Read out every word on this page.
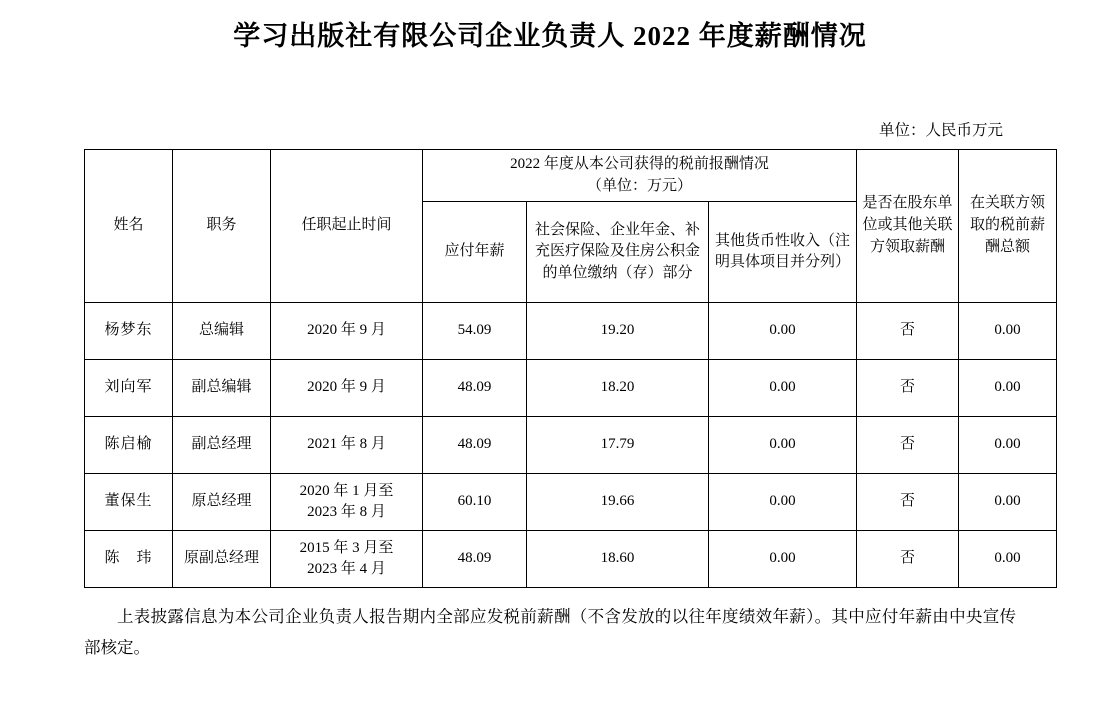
学习出版社有限公司企业负责人 2022 年度薪酬情况
单位：人民币万元
姓名	职务	任职起止时间	2022 年度从本公司获得的税前报酬情况
（单位：万元）			是否在股东单位或其他关联方领取薪酬	在关联方领取的税前薪酬总额
			应付年薪	社会保险、企业年金、补充医疗保险及住房公积金的单位缴纳（存）部分	其他货币性收入（注明具体项目并分列）		
杨梦东	总编辑	2020 年 9 月	54.09	19.20	0.00	否	0.00
刘向军	副总编辑	2020 年 9 月	48.09	18.20	0.00	否	0.00
陈启榆	副总经理	2021 年 8 月	48.09	17.79	0.00	否	0.00
董保生	原总经理	2020 年 1 月至
2023 年 8 月	60.10	19.66	0.00	否	0.00
陈　玮	原副总经理	2015 年 3 月至
2023 年 4 月	48.09	18.60	0.00	否	0.00

上表披露信息为本公司企业负责人报告期内全部应发税前薪酬（不含发放的以往年度绩效年薪）。其中应付年薪由中央宣传部核定。
